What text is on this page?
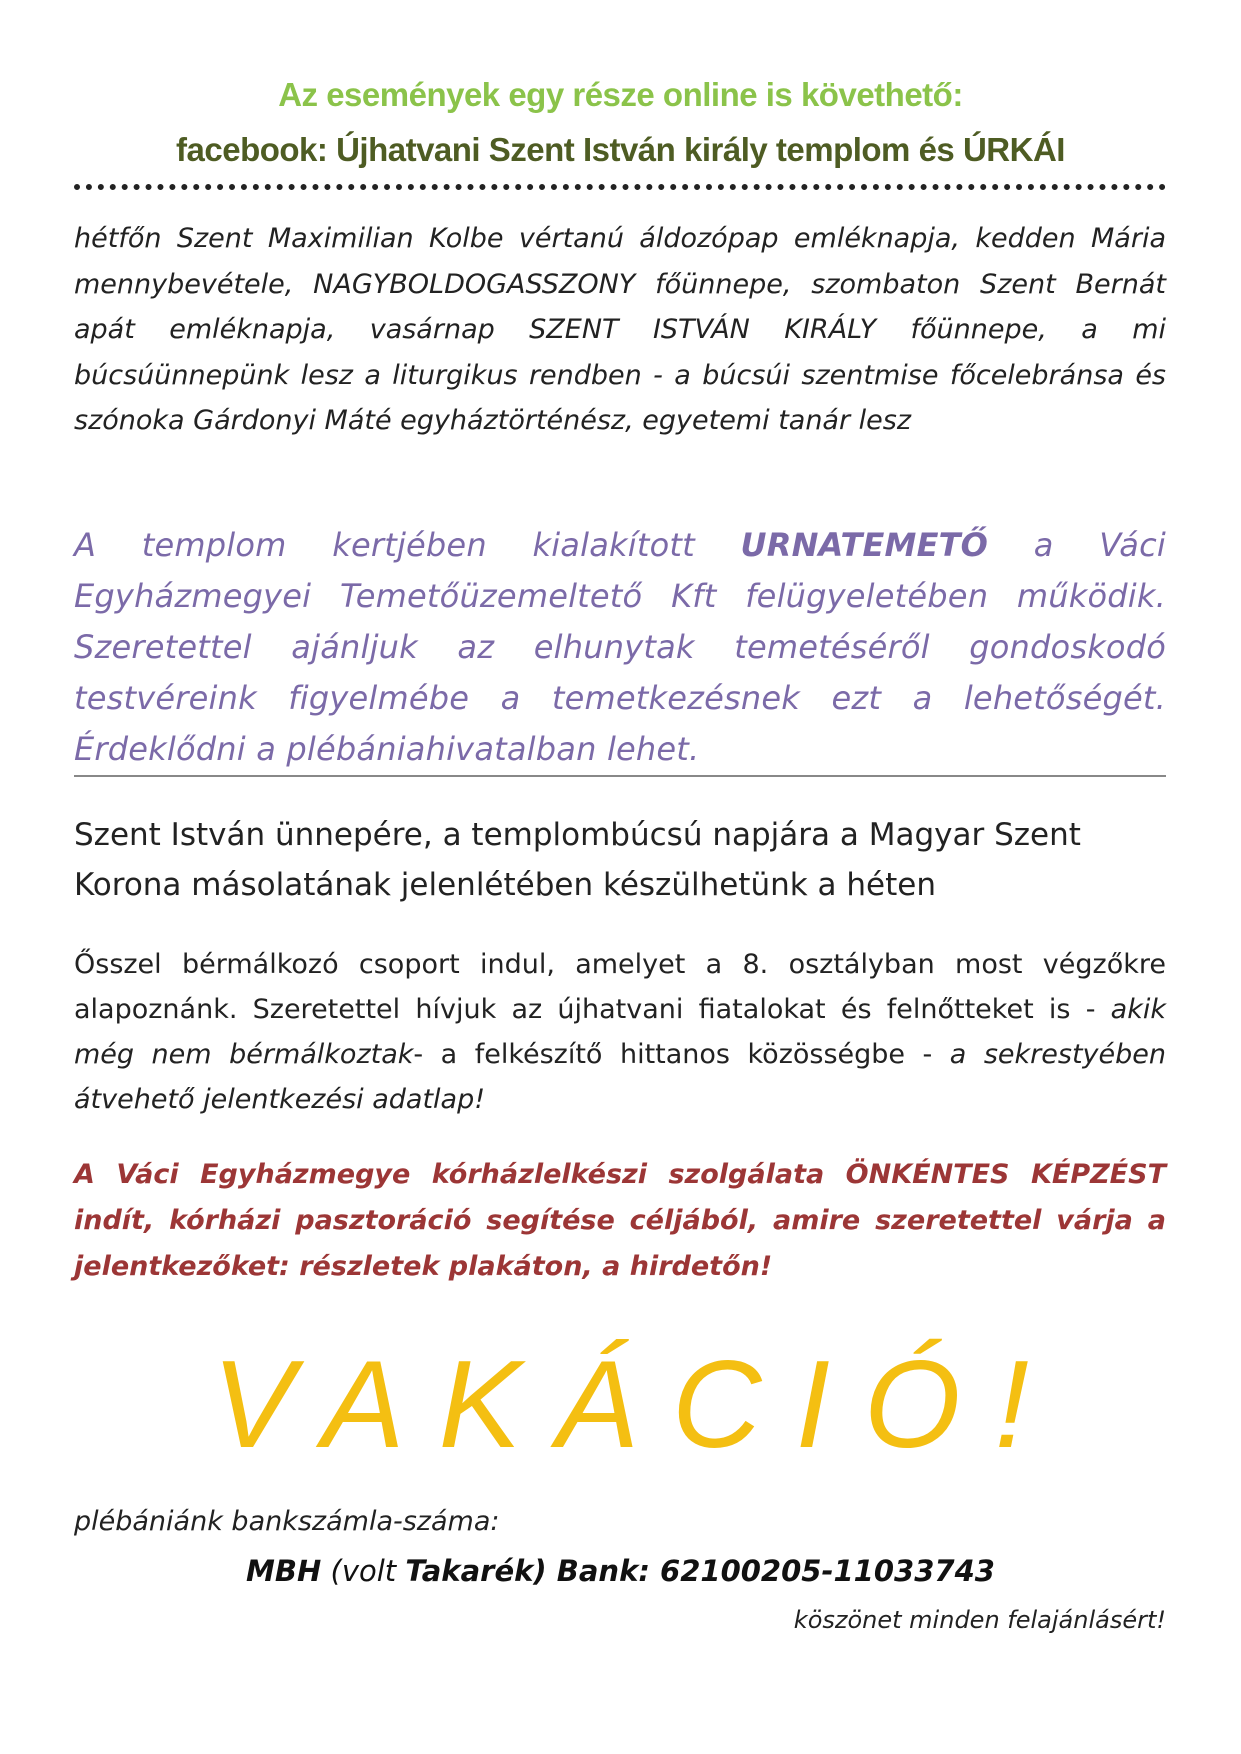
Az események egy része online is követhető:

facebook: Újhatvani Szent István király templom és ÚRKÁI

hétfőn Szent Maximilian Kolbe vértanú áldozópap emléknapja, kedden Mária mennybevétele, NAGYBOLDOGASSZONY főünnepe, szombaton Szent Bernát apát emléknapja, vasárnap SZENT ISTVÁN KIRÁLY főünnepe, a mi búcsúünnepünk lesz a liturgikus rendben - a búcsúi szentmise főcelebránsa és szónoka Gárdonyi Máté egyháztörténész, egyetemi tanár lesz

A templom kertjében kialakított URNATEMETŐ a Váci Egyházmegyei Temetőüzemeltető Kft felügyeletében működik. Szeretettel ajánljuk az elhunytak temetéséről gondoskodó testvéreink figyelmébe a temetkezésnek ezt a lehetőségét. Érdeklődni a plébániahivatalban lehet.

Szent István ünnepére, a templombúcsú napjára a Magyar Szent Korona másolatának jelenlétében készülhetünk a héten

Ősszel bérmálkozó csoport indul, amelyet a 8. osztályban most végzőkre alapoznánk. Szeretettel hívjuk az újhatvani fiatalokat és felnőtteket is - akik még nem bérmálkoztak- a felkészítő hittanos közösségbe - a sekrestyében átvehető jelentkezési adatlap!

A Váci Egyházmegye kórházlelkészi szolgálata ÖNKÉNTES KÉPZÉST indít, kórházi pasztoráció segítése céljából, amire szeretettel várja a jelentkezőket: részletek plakáton, a hirdetőn!

VAKÁCIÓ!

plébániánk bankszámla-száma:

MBH (volt Takarék) Bank: 62100205-11033743

köszönet minden felajánlásért!
